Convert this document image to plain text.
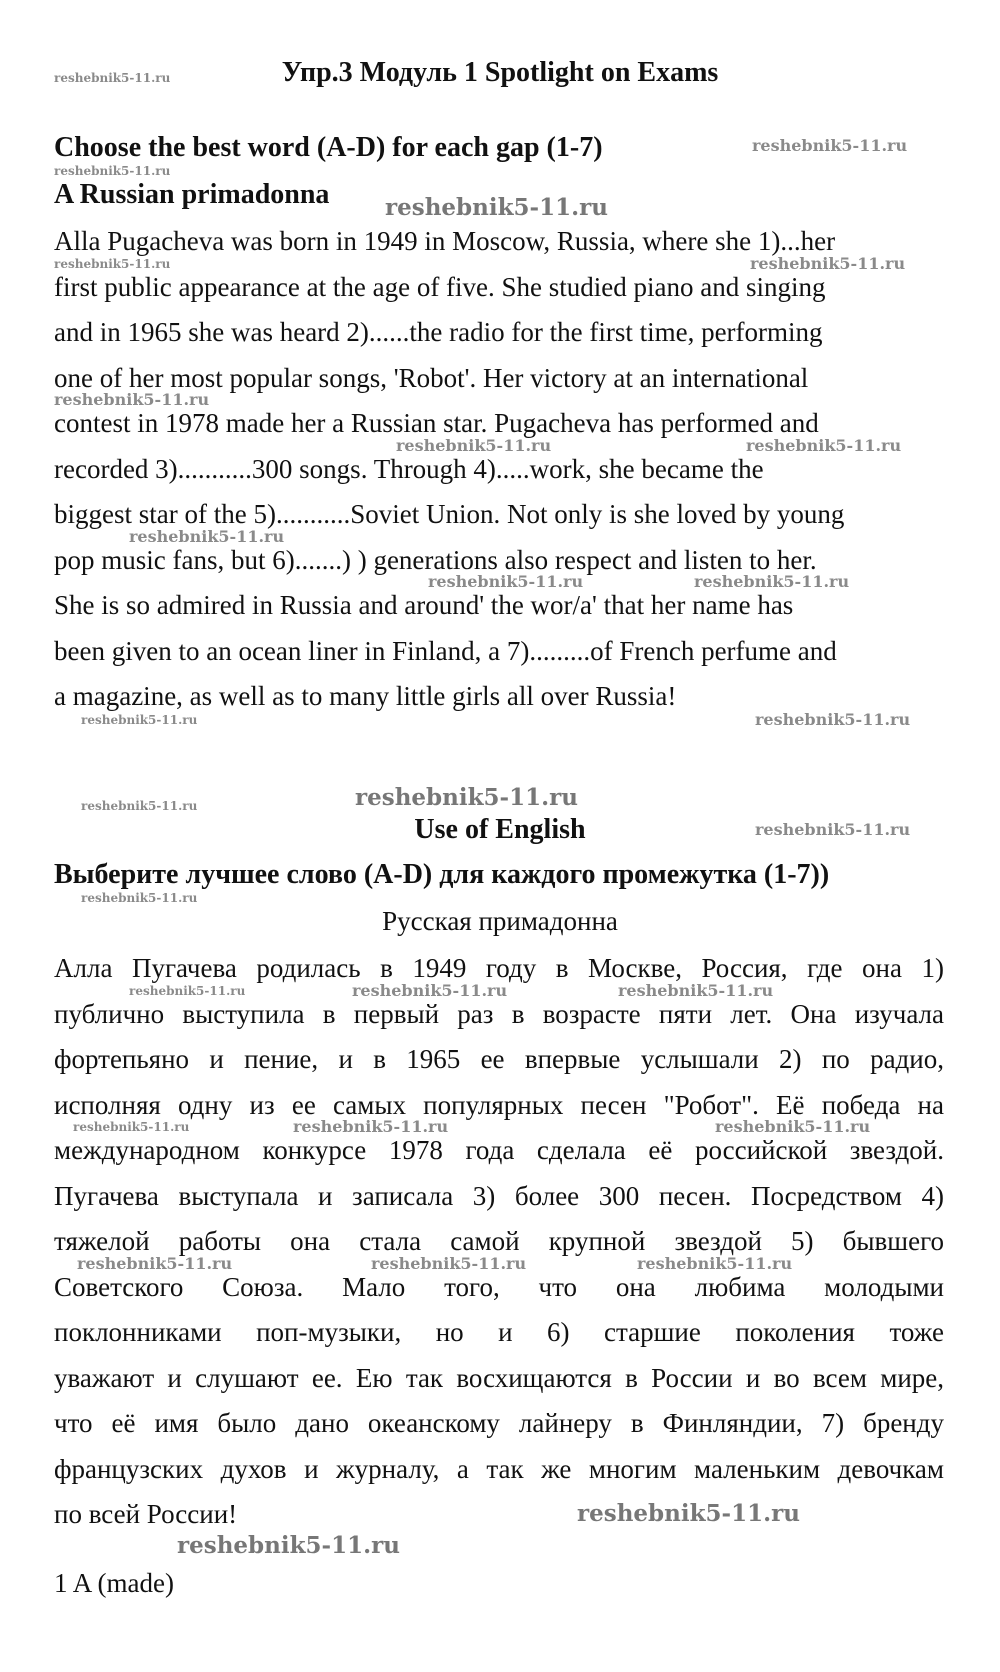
Упр.3 Модуль 1 Spotlight on Exams
Choose the best word (A-D) for each gap (1-7)
A Russian primadonna
Alla Pugacheva was born in 1949 in Moscow, Russia, where she 1)...her
first public appearance at the age of five. She studied piano and singing
and in 1965 she was heard 2)......the radio for the first time, performing
one of her most popular songs, 'Robot'. Her victory at an international
contest in 1978 made her a Russian star. Pugacheva has performed and
recorded 3)...........300 songs. Through 4).....work, she became the
biggest star of the 5)...........Soviet Union. Not only is she loved by young
pop music fans, but 6).......) ) generations also respect and listen to her.
She is so admired in Russia and around' the wor/a' that her name has
been given to an ocean liner in Finland, a 7).........of French perfume and
a magazine, as well as to many little girls all over Russia!
Use of English
Выберите лучшее слово (A-D) для каждого промежутка (1-7))
Русская примадонна
Алла Пугачева родилась в 1949 году в Москве, Россия, где она 1)
публично выступила в первый раз в возрасте пяти лет. Она изучала
фортепьяно и пение, и в 1965 ее впервые услышали 2) по радио,
исполняя одну из ее самых популярных песен "Робот". Её победа на
международном конкурсе 1978 года сделала её российской звездой.
Пугачева выступала и записала 3) более 300 песен. Посредством 4)
тяжелой работы она стала самой крупной звездой 5) бывшего
Советского Союза. Мало того, что она любима молодыми
поклонниками поп-музыки, но и 6) старшие поколения тоже
уважают и слушают ее. Ею так восхищаются в России и во всем мире,
что её имя было дано океанскому лайнеру в Финляндии, 7) бренду
французских духов и журналу, а так же многим маленьким девочкам
по всей России!
1 A (made)
reshebnik5-11.ru
reshebnik5-11.ru
reshebnik5-11.ru
reshebnik5-11.ru
reshebnik5-11.ru	reshebnik5-11.ru
reshebnik5-11.ru
reshebnik5-11.ru	reshebnik5-11.ru
reshebnik5-11.ru
reshebnik5-11.ru	reshebnik5-11.ru
reshebnik5-11.ru
reshebnik5-11.ru
reshebnik5-11.ru	reshebnik5-11.ru
reshebnik5-11.ru
reshebnik5-11.ru
reshebnik5-11.ru	reshebnik5-11.ru	reshebnik5-11.ru
reshebnik5-11.ru	reshebnik5-11.ru	reshebnik5-11.ru
reshebnik5-11.ru	reshebnik5-11.ru	reshebnik5-11.ru
reshebnik5-11.ru
reshebnik5-11.ru
